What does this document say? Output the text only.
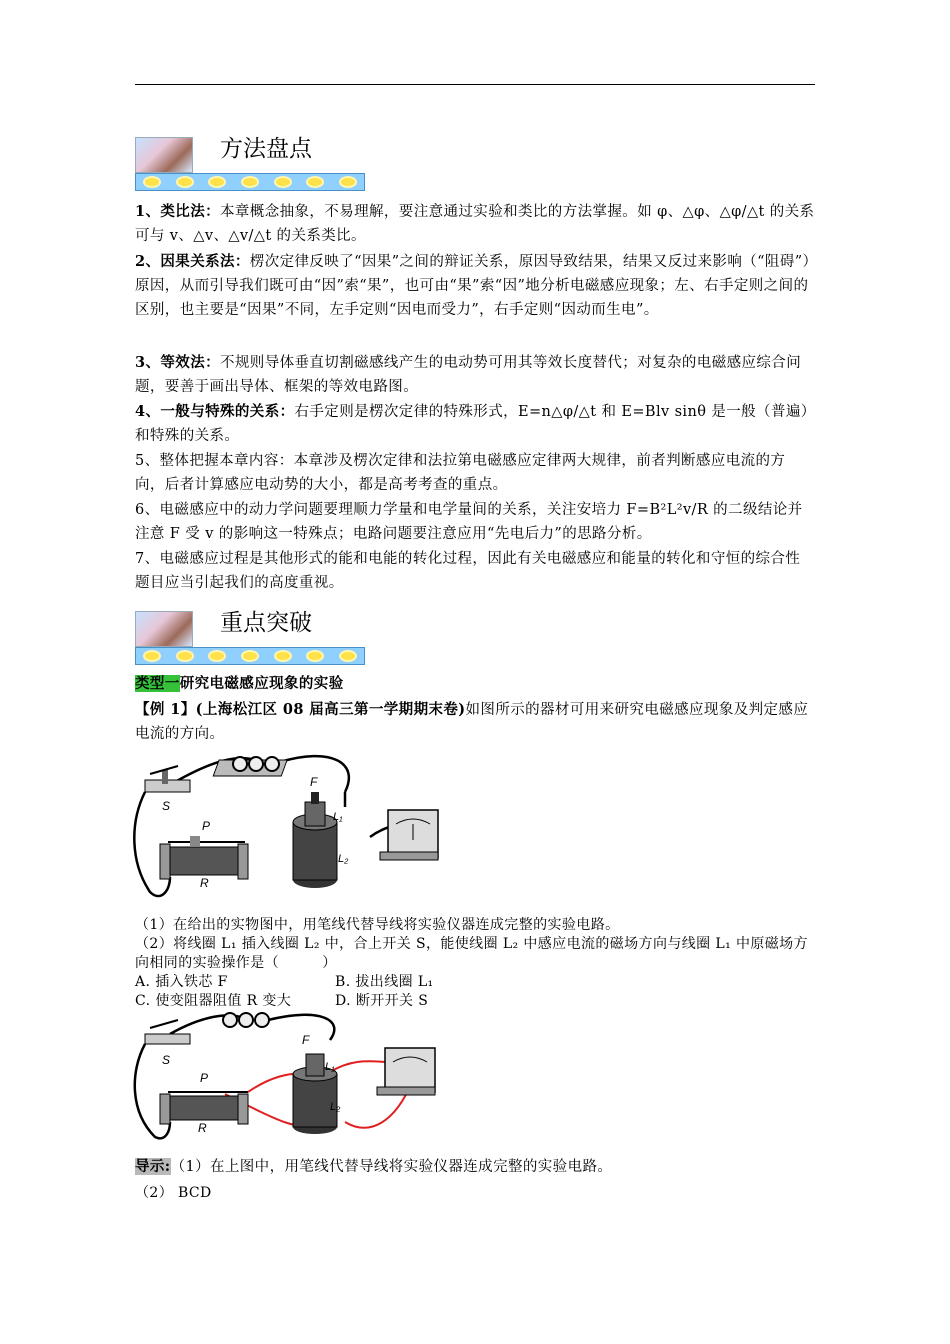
方法盘点
1、类比法：本章概念抽象，不易理解，要注意通过实验和类比的方法掌握。如 φ、△φ、△φ/△t 的关系可与 v、△v、△v/△t 的关系类比。
2、因果关系法：楞次定律反映了“因果”之间的辩证关系，原因导致结果，结果又反过来影响（“阻碍”）原因，从而引导我们既可由“因”索“果”，也可由“果”索“因”地分析电磁感应现象；左、右手定则之间的区别，也主要是“因果”不同，左手定则“因电而受力”，右手定则“因动而生电”。
3、等效法：不规则导体垂直切割磁感线产生的电动势可用其等效长度替代；对复杂的电磁感应综合问题，要善于画出导体、框架的等效电路图。
4、一般与特殊的关系：右手定则是楞次定律的特殊形式，E=n△φ/△t 和 E=Blv sinθ 是一般（普遍）和特殊的关系。
5、整体把握本章内容：本章涉及楞次定律和法拉第电磁感应定律两大规律，前者判断感应电流的方向，后者计算感应电动势的大小，都是高考考查的重点。
6、电磁感应中的动力学问题要理顺力学量和电学量间的关系，关注安培力 F=B²L²v/R 的二级结论并注意 F 受 v 的影响这一特殊点；电路问题要注意应用“先电后力”的思路分析。
7、电磁感应过程是其他形式的能和电能的转化过程，因此有关电磁感应和能量的转化和守恒的综合性题目应当引起我们的高度重视。
重点突破
类型一研究电磁感应现象的实验
【例 1】(上海松江区 08 届高三第一学期期末卷)如图所示的器材可用来研究电磁感应现象及判定感应电流的方向。
S
P
R
F
L₁
L₂
（1）在给出的实物图中，用笔线代替导线将实验仪器连成完整的实验电路。
（2）将线圈 L₁ 插入线圈 L₂ 中，合上开关 S，能使线圈 L₂ 中感应电流的磁场方向与线圈 L₁ 中原磁场方向相同的实验操作是（　　　）
A. 插入铁芯 F	B. 拔出线圈 L₁
C. 使变阻器阻值 R 变大	D. 断开开关 S
S
P
R
F
L₁
L₂
导示:（1）在上图中，用笔线代替导线将实验仪器连成完整的实验电路。
（2） BCD
